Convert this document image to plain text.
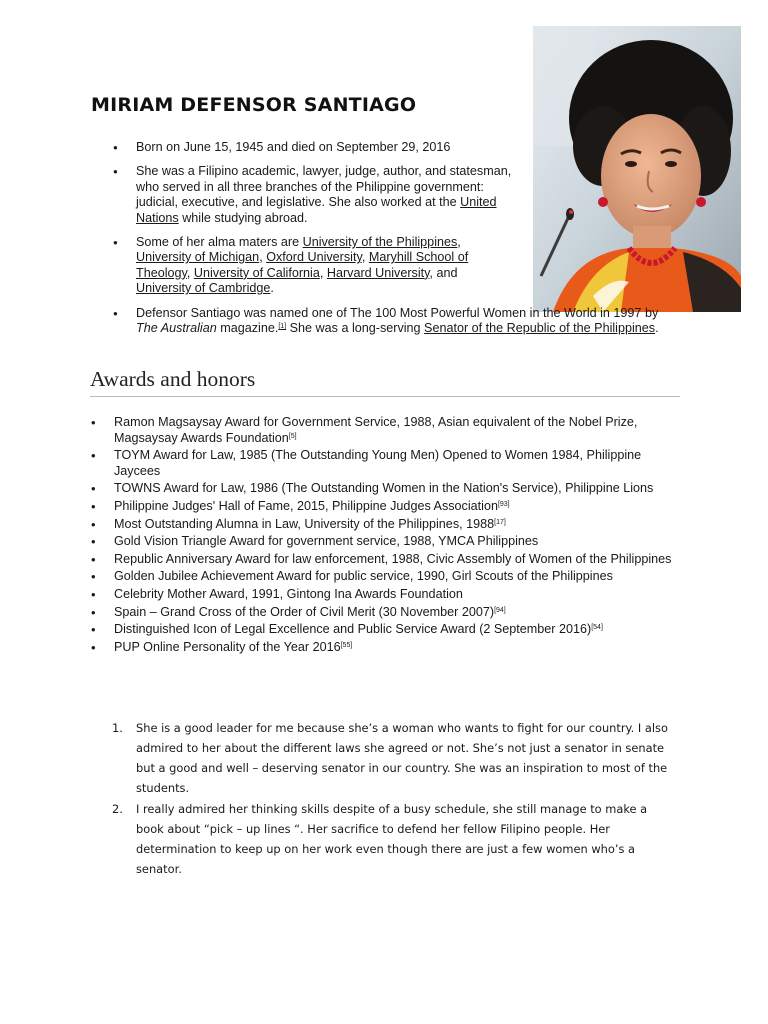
MIRIAM DEFENSOR SANTIAGO
● Born on June 15, 1945 and died on September 29, 2016
● She was a Filipino academic, lawyer, judge, author, and statesman, who served in all three branches of the Philippine government: judicial, executive, and legislative. She also worked at the United Nations while studying abroad.
● Some of her alma maters are University of the Philippines, University of Michigan, Oxford University, Maryhill School of Theology, University of California, Harvard University, and University of Cambridge.
● Defensor Santiago was named one of The 100 Most Powerful Women in the World in 1997 by The Australian magazine.[1] She was a long-serving Senator of the Republic of the Philippines.
Awards and honors
• Ramon Magsaysay Award for Government Service, 1988, Asian equivalent of the Nobel Prize, Magsaysay Awards Foundation[5]
• TOYM Award for Law, 1985 (The Outstanding Young Men) Opened to Women 1984, Philippine Jaycees
• TOWNS Award for Law, 1986 (The Outstanding Women in the Nation's Service), Philippine Lions
• Philippine Judges' Hall of Fame, 2015, Philippine Judges Association[93]
• Most Outstanding Alumna in Law, University of the Philippines, 1988[17]
• Gold Vision Triangle Award for government service, 1988, YMCA Philippines
• Republic Anniversary Award for law enforcement, 1988, Civic Assembly of Women of the Philippines
• Golden Jubilee Achievement Award for public service, 1990, Girl Scouts of the Philippines
• Celebrity Mother Award, 1991, Gintong Ina Awards Foundation
• Spain – Grand Cross of the Order of Civil Merit (30 November 2007)[94]
• Distinguished Icon of Legal Excellence and Public Service Award (2 September 2016)[54]
• PUP Online Personality of the Year 2016[55]
1. She is a good leader for me because she’s a woman who wants to fight for our country. I also admired to her about the different laws she agreed or not. She’s not just a senator in senate but a good and well – deserving senator in our country. She was an inspiration to most of the students.
2. I really admired her thinking skills despite of a busy schedule, she still manage to make a book about “pick – up lines “. Her sacrifice to defend her fellow Filipino people. Her determination to keep up on her work even though there are just a few women who’s a senator.
